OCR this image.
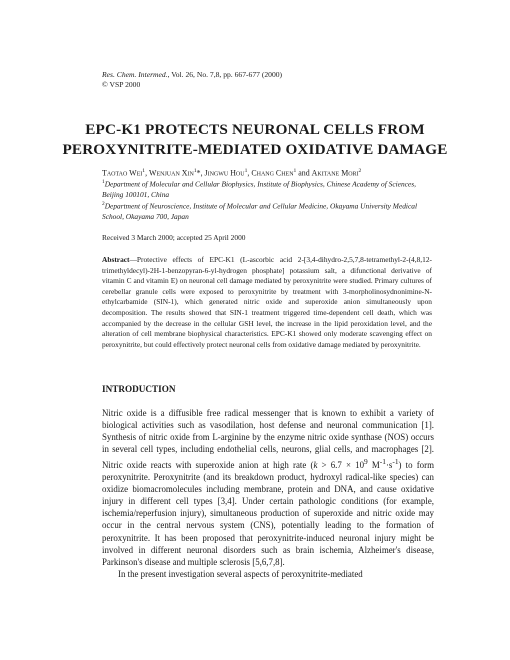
Res. Chem. Intermed., Vol. 26, No. 7,8, pp. 667-677 (2000)
© VSP 2000
EPC-K1 PROTECTS NEURONAL CELLS FROM
PEROXYNITRITE-MEDIATED OXIDATIVE DAMAGE
Taotao Wei$^1$, Wenjuan Xin$^1$*, Jingwu Hou$^1$, Chang Chen$^1$ and Akitane Mori$^2$
$^1$Department of Molecular and Cellular Biophysics, Institute of Biophysics, Chinese Academy of Sciences, Beijing 100101, China
$^2$Department of Neuroscience, Institute of Molecular and Cellular Medicine, Okayama University Medical School, Okayama 700, Japan
Received 3 March 2000; accepted 25 April 2000
Abstract—Protective effects of EPC-K1 (L-ascorbic acid 2-[3,4-dihydro-2,5,7,8-tetramethyl-2-(4,8,12-trimethyldecyl)-2H-1-benzopyran-6-yl-hydrogen phosphate] potassium salt, a difunctional derivative of vitamin C and vitamin E) on neuronal cell damage mediated by peroxynitrite were studied. Primary cultures of cerebellar granule cells were exposed to peroxynitrite by treatment with 3-morpholinosydnonimine-N-ethylcarbamide (SIN-1), which generated nitric oxide and superoxide anion simultaneously upon decomposition. The results showed that SIN-1 treatment triggered time-dependent cell death, which was accompanied by the decrease in the cellular GSH level, the increase in the lipid peroxidation level, and the alteration of cell membrane biophysical characteristics. EPC-K1 showed only moderate scavenging effect on peroxynitrite, but could effectively protect neuronal cells from oxidative damage mediated by peroxynitrite.
INTRODUCTION

Nitric oxide is a diffusible free radical messenger that is known to exhibit a variety of biological activities such as vasodilation, host defense and neuronal communication [1]. Synthesis of nitric oxide from L-arginine by the enzyme nitric oxide synthase (NOS) occurs in several cell types, including endothelial cells, neurons, glial cells, and macrophages [2]. Nitric oxide reacts with superoxide anion at high rate ($k > 6.7 \times 10^9$ $M^{-1}\cdot s^{-1}$) to form peroxynitrite. Peroxynitrite (and its breakdown product, hydroxyl radical-like species) can oxidize biomacromolecules including membrane, protein and DNA, and cause oxidative injury in different cell types [3,4]. Under certain pathologic conditions (for example, ischemia/reperfusion injury), simultaneous production of superoxide and nitric oxide may occur in the central nervous system (CNS), potentially leading to the formation of peroxynitrite. It has been proposed that peroxynitrite-induced neuronal injury might be involved in different neuronal disorders such as brain ischemia, Alzheimer's disease, Parkinson's disease and multiple sclerosis [5,6,7,8].

In the present investigation several aspects of peroxynitrite-mediated
